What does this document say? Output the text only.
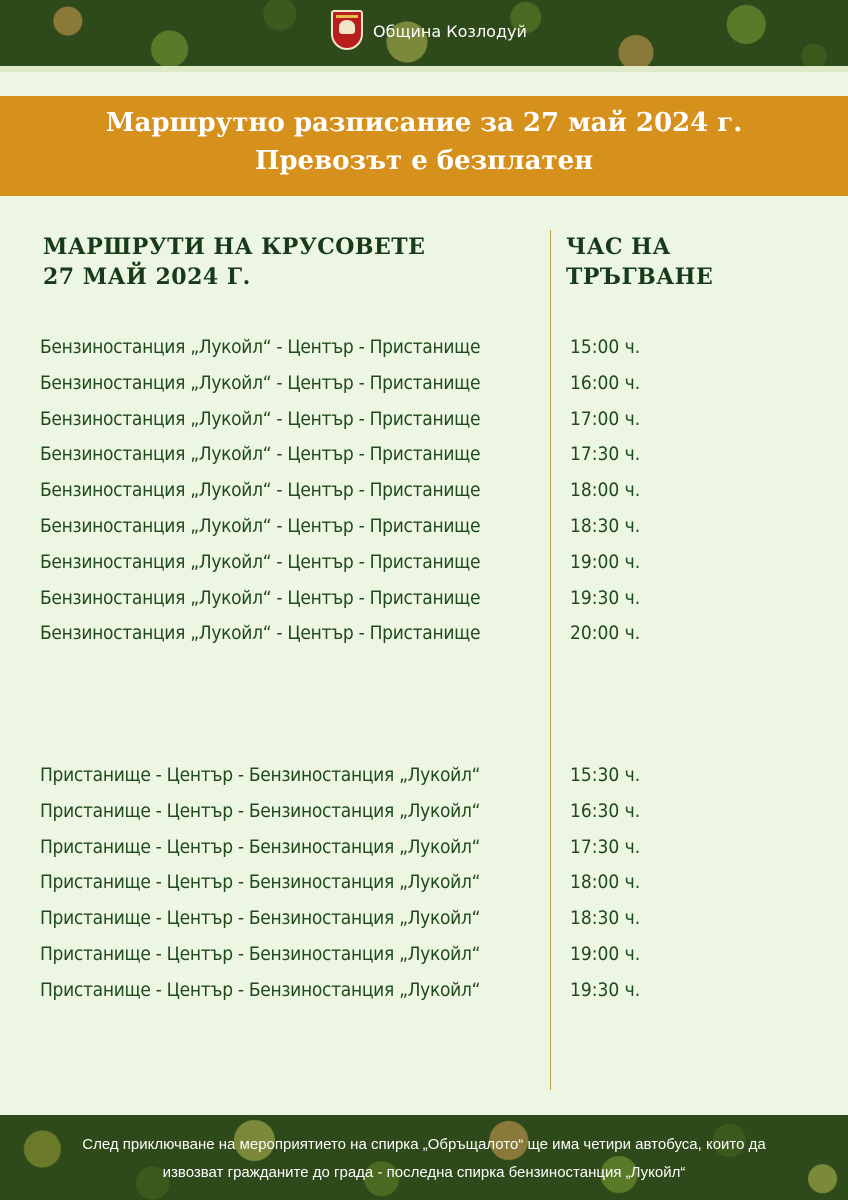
Община Козлодуй
Маршрутно разписание за 27 май 2024 г.
Превозът е безплатен
МАРШРУТИ НА КРУСОВЕТЕ
27 МАЙ 2024 Г.
ЧАС НА
ТРЪГВАНЕ
Бензиностанция „Лукойл“ - Център - Пристанище	15:00 ч.
Бензиностанция „Лукойл“ - Център - Пристанище	16:00 ч.
Бензиностанция „Лукойл“ - Център - Пристанище	17:00 ч.
Бензиностанция „Лукойл“ - Център - Пристанище	17:30 ч.
Бензиностанция „Лукойл“ - Център - Пристанище	18:00 ч.
Бензиностанция „Лукойл“ - Център - Пристанище	18:30 ч.
Бензиностанция „Лукойл“ - Център - Пристанище	19:00 ч.
Бензиностанция „Лукойл“ - Център - Пристанище	19:30 ч.
Бензиностанция „Лукойл“ - Център - Пристанище	20:00 ч.
Пристанище - Център - Бензиностанция „Лукойл“	15:30 ч.
Пристанище - Център - Бензиностанция „Лукойл“	16:30 ч.
Пристанище - Център - Бензиностанция „Лукойл“	17:30 ч.
Пристанище - Център - Бензиностанция „Лукойл“	18:00 ч.
Пристанище - Център - Бензиностанция „Лукойл“	18:30 ч.
Пристанище - Център - Бензиностанция „Лукойл“	19:00 ч.
Пристанище - Център - Бензиностанция „Лукойл“	19:30 ч.
След приключване на мероприятието на спирка „Обръщалото“ ще има четири автобуса, които да
извозват гражданите до града - последна спирка бензиностанция „Лукойл“
